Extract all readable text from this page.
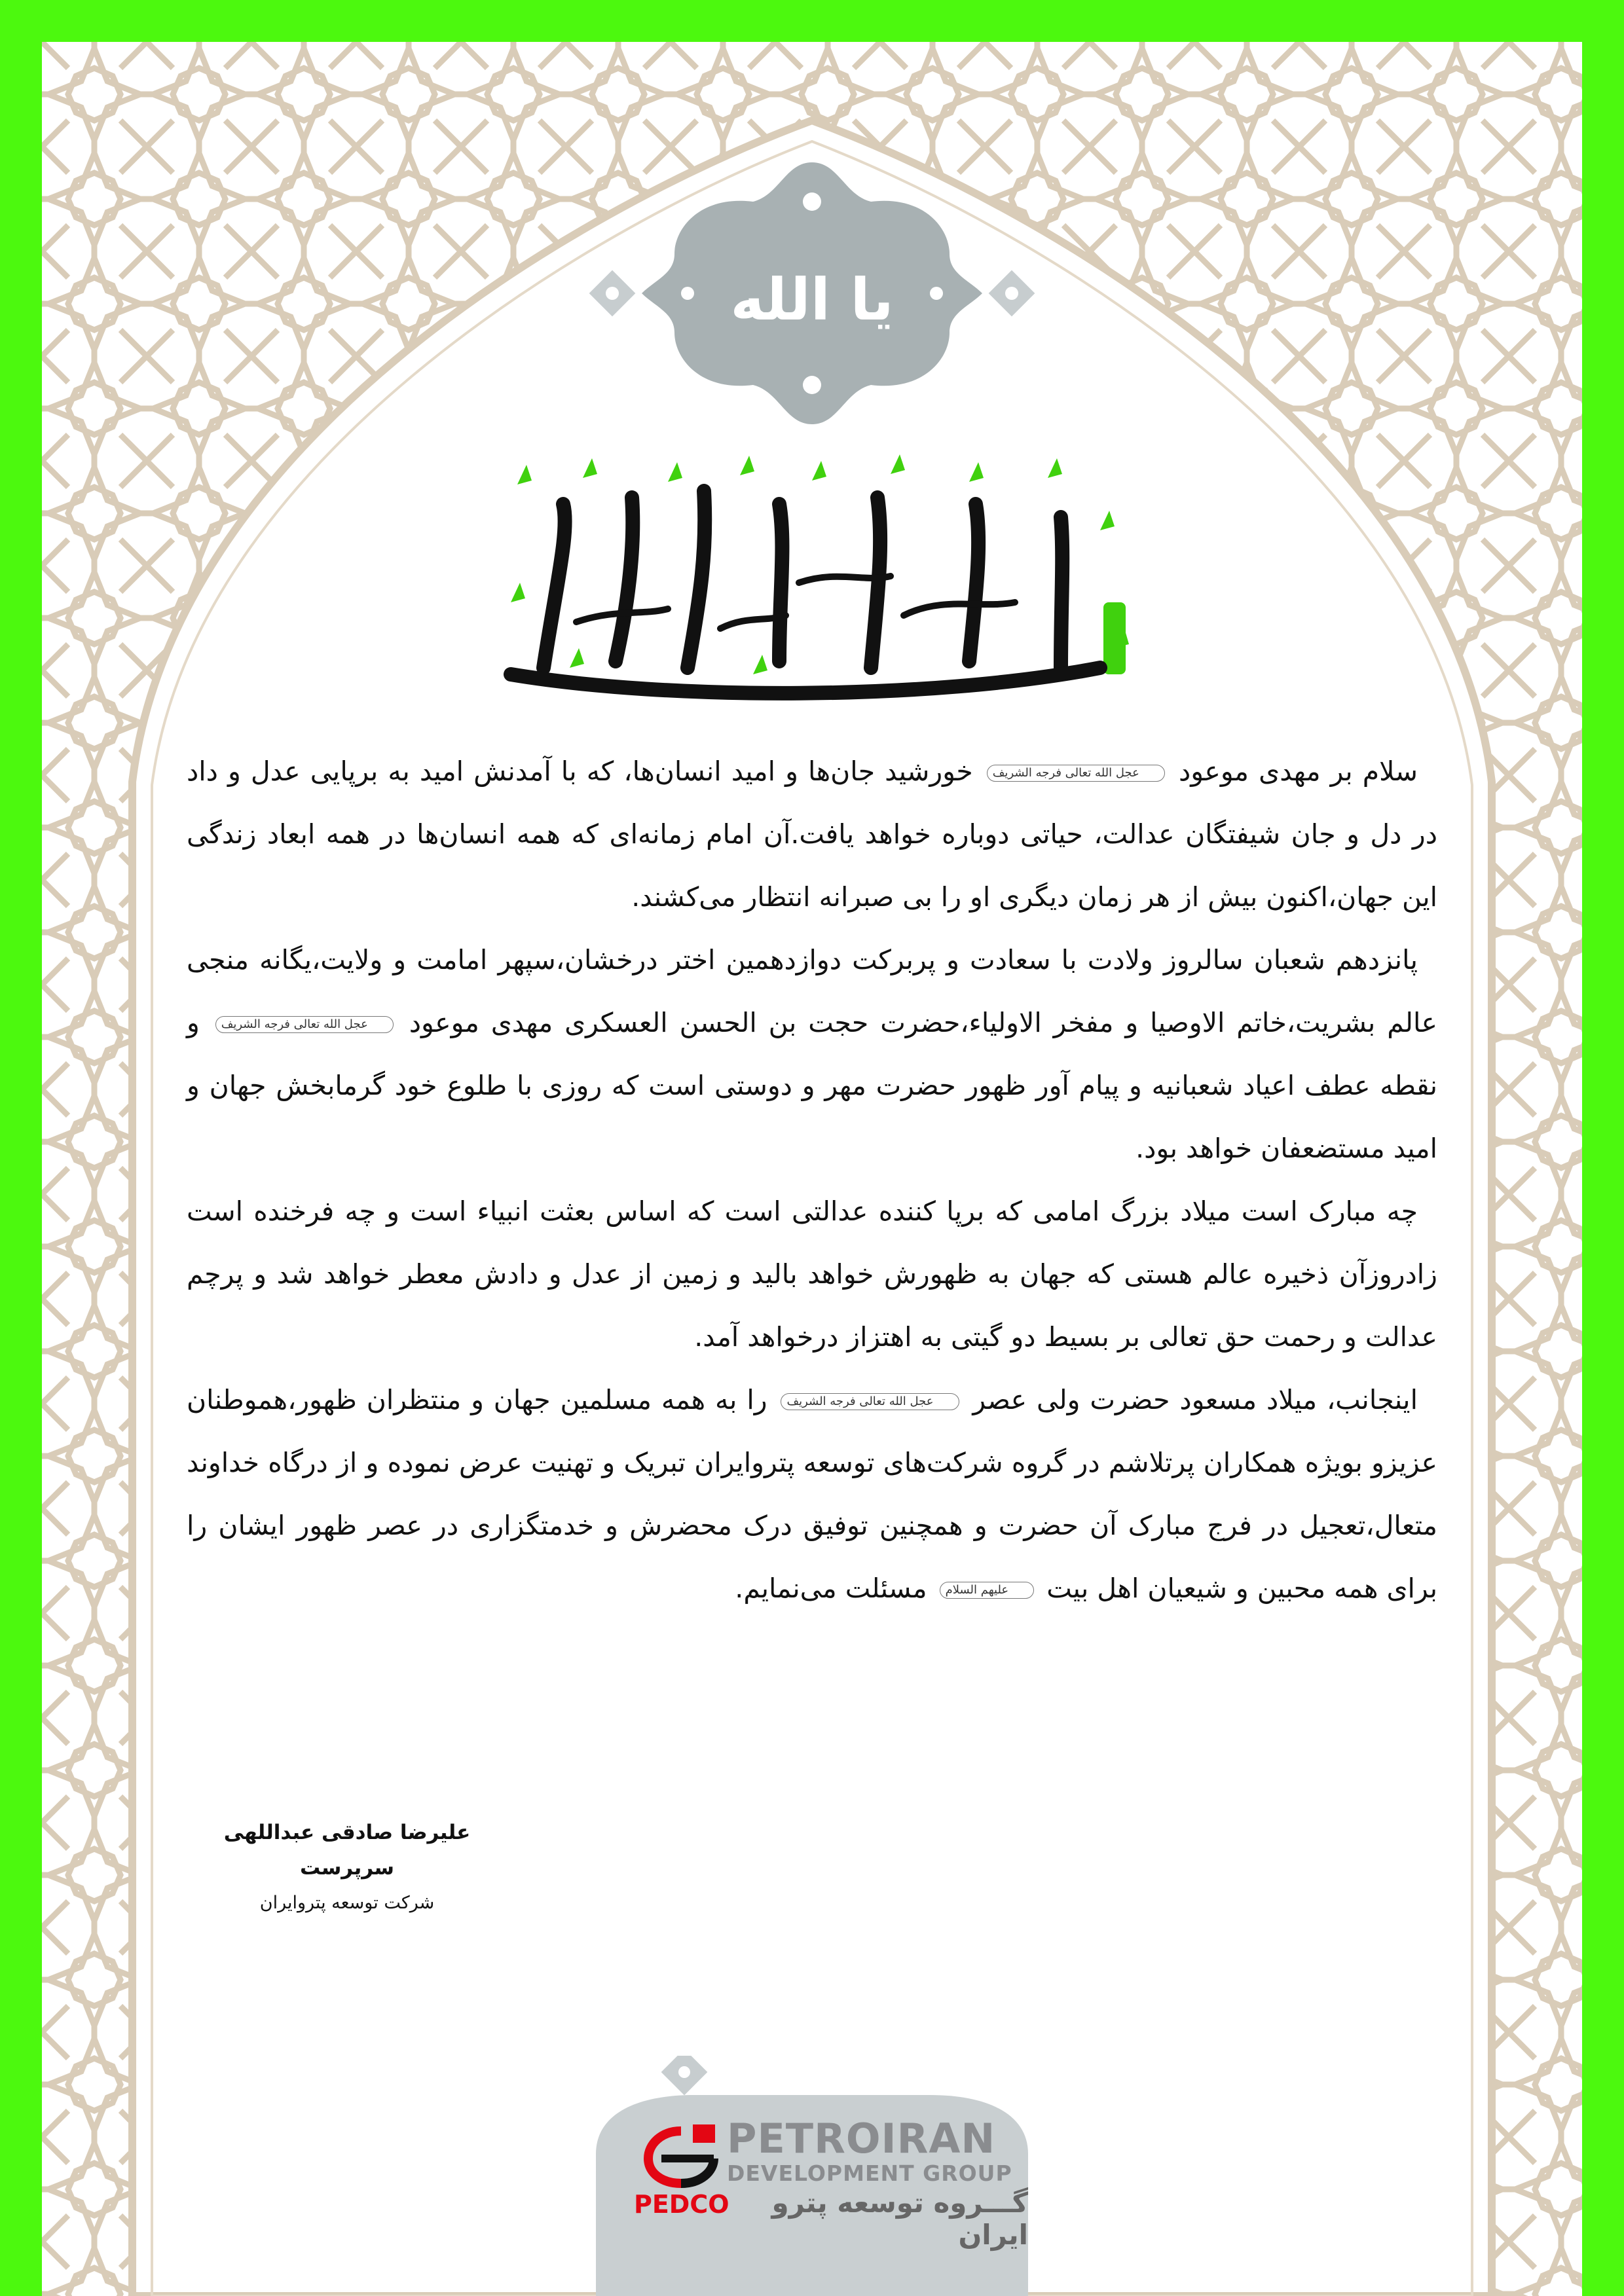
یا الله
یا اباصالح المهدی

سلام بر مهدی موعود عجل الله تعالی فرجه الشریف خورشید جان‌ها و امید انسان‌ها، که با آمدنش امید به برپایی عدل و داد در دل و جان شیفتگان عدالت، حیاتی دوباره خواهد یافت.آن امام زمانه‌ای که همه انسان‌ها در همه ابعاد زندگی این جهان،اکنون بیش از هر زمان دیگری او را بی صبرانه انتظار می‌کشند.

پانزدهم شعبان سالروز ولادت با سعادت و پربرکت دوازدهمین اختر درخشان،سپهر امامت و ولایت،یگانه منجی عالم بشریت،خاتم الاوصیا و مفخر الاولیاء،حضرت حجت بن الحسن العسکری مهدی موعود عجل الله تعالی فرجه الشریف و نقطه عطف اعیاد شعبانیه و پیام آور ظهور حضرت مهر و دوستی است که روزی با طلوع خود گرمابخش جهان و امید مستضعفان خواهد بود.

چه مبارک است میلاد بزرگ امامی که برپا کننده عدالتی است که اساس بعثت انبیاء است و چه فرخنده است زادروزآن ذخیره عالم هستی که جهان به ظهورش خواهد بالید و زمین از عدل و دادش معطر خواهد شد و پرچم عدالت و رحمت حق تعالی بر بسیط دو گیتی به اهتزاز درخواهد آمد.

اینجانب، میلاد مسعود حضرت ولی عصر عجل الله تعالی فرجه الشریف را به همه مسلمین جهان و منتظران ظهور،هموطنان عزیزو بویژه همکاران پرتلاشم در گروه شرکت‌های توسعه پتروایران تبریک و تهنیت عرض نموده و از درگاه خداوند متعال،تعجیل در فرج مبارک آن حضرت و همچنین توفیق درک محضرش و خدمتگزاری در عصر ظهور ایشان را برای همه محبین و شیعیان اهل بیت علیهم السلام مسئلت می‌نمایم.

علیرضا صادقی عبداللهی
سرپرست
شرکت توسعه پتروایران
PETROIRAN
DEVELOPMENT GROUP
گـــروه توسعه پترو ایران
PEDCO
